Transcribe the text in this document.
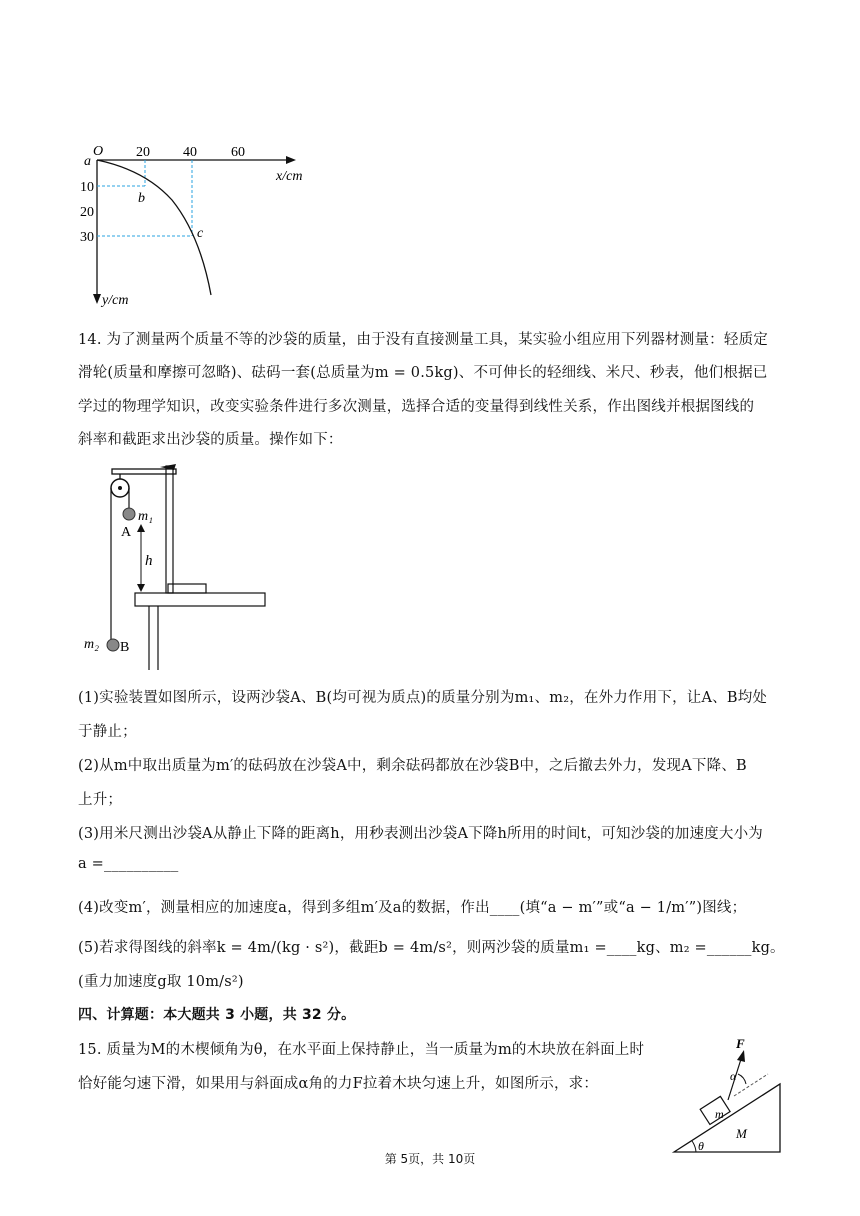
a
O 20 40 60
x/cm
10
20
30
b
c
y/cm
14. 为了测量两个质量不等的沙袋的质量，由于没有直接测量工具，某实验小组应用下列器材测量：轻质定
滑轮(质量和摩擦可忽略)、砝码一套(总质量为m = 0.5kg)、不可伸长的轻细线、米尺、秒表，他们根据已
学过的物理学知识，改变实验条件进行多次测量，选择合适的变量得到线性关系，作出图线并根据图线的
斜率和截距求出沙袋的质量。操作如下：
m₁
A
h
m₂ B
(1)实验装置如图所示，设两沙袋A、B(均可视为质点)的质量分别为m₁、m₂，在外力作用下，让A、B均处
于静止；
(2)从m中取出质量为m′的砝码放在沙袋A中，剩余砝码都放在沙袋B中，之后撤去外力，发现A下降、B
上升；
(3)用米尺测出沙袋A从静止下降的距离h，用秒表测出沙袋A下降h所用的时间t，可知沙袋的加速度大小为
a =__________
(4)改变m′，测量相应的加速度a，得到多组m′及a的数据，作出____(填“a − m′”或“a − 1/m′”)图线；
(5)若求得图线的斜率k = 4m/(kg · s²)，截距b = 4m/s²，则两沙袋的质量m₁ =____kg、m₂ =______kg。
(重力加速度g取 10m/s²)
四、计算题：本大题共 3 小题，共 32 分。
15. 质量为M的木楔倾角为θ，在水平面上保持静止，当一质量为m的木块放在斜面上时
恰好能匀速下滑，如果用与斜面成α角的力F拉着木块匀速上升，如图所示，求：
F
α
m
M
θ
第 5页，共 10页
